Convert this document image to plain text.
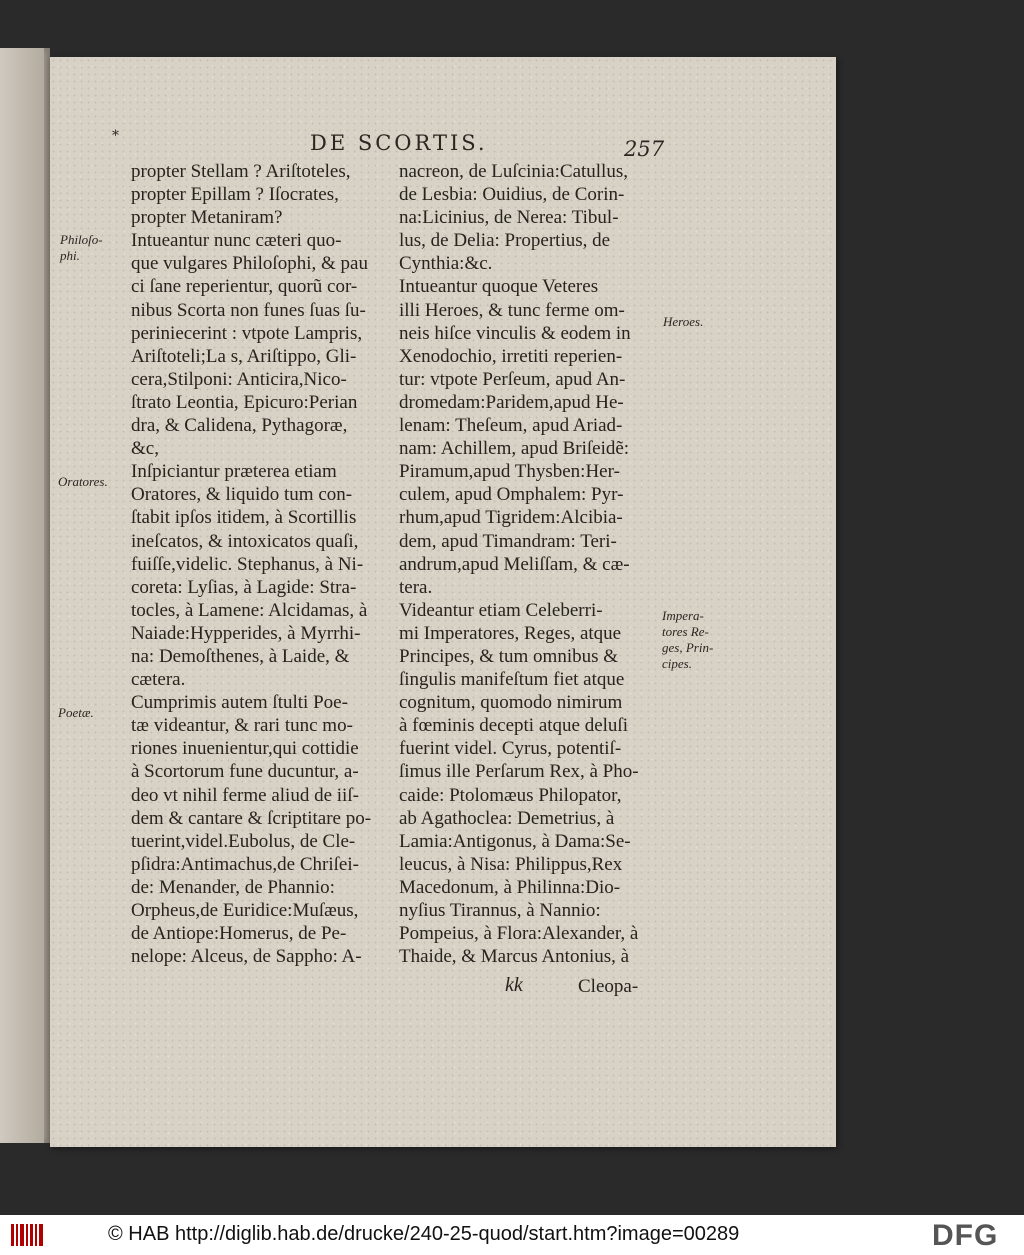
*	DE SCORTIS.	257
Philoſo-
phi.
Oratores.
Poetæ.
Heroes.
Impera-
tores Re-
ges, Prin-
cipes.
propter Stellam ? Ariſtoteles,
propter Epillam ? Iſocrates,
propter Metaniram?
Intueantur nunc cæteri quo-
que vulgares Philoſophi, & pau
ci ſane reperientur, quorũ cor-
nibus Scorta non funes ſuas ſu-
periniecerint : vtpote Lampris,
Ariſtoteli;La s, Ariſtippo, Gli-
cera,Stilponi: Anticira,Nico-
ſtrato Leontia, Epicuro:Perian
dra, & Calidena, Pythagoræ,
&c,
Inſpiciantur præterea etiam
Oratores, & liquido tum con-
ſtabit ipſos itidem, à Scortillis
ineſcatos, & intoxicatos quaſi,
fuiſſe,videlic. Stephanus, à Ni-
coreta: Lyſias, à Lagide: Stra-
tocles, à Lamene: Alcidamas, à
Naiade:Hypperides, à Myrrhi-
na: Demoſthenes, à Laide, &
cætera.
Cumprimis autem ſtulti Poe-
tæ videantur, & rari tunc mo-
riones inuenientur,qui cottidie
à Scortorum fune ducuntur, a-
deo vt nihil ferme aliud de iiſ-
dem & cantare & ſcriptitare po-
tuerint,videl.Eubolus, de Cle-
pſidra:Antimachus,de Chriſei-
de: Menander, de Phannio:
Orpheus,de Euridice:Muſæus,
de Antiope:Homerus, de Pe-
nelope: Alceus, de Sappho: A-
nacreon, de Luſcinia:Catullus,
de Lesbia: Ouidius, de Corin-
na:Licinius, de Nerea: Tibul-
lus, de Delia: Propertius, de
Cynthia:&c.
Intueantur quoque Veteres
illi Heroes, & tunc ferme om-
neis hiſce vinculis & eodem in
Xenodochio, irretiti reperien-
tur: vtpote Perſeum, apud An-
dromedam:Paridem,apud He-
lenam: Theſeum, apud Ariad-
nam: Achillem, apud Briſeidẽ:
Piramum,apud Thysben:Her-
culem, apud Omphalem: Pyr-
rhum,apud Tigridem:Alcibia-
dem, apud Timandram: Teri-
andrum,apud Meliſſam, & cæ-
tera.
Videantur etiam Celeberri-
mi Imperatores, Reges, atque
Principes, & tum omnibus &
ſingulis manifeſtum fiet atque
cognitum, quomodo nimirum
à fœminis decepti atque deluſi
fuerint videl. Cyrus, potentiſ-
ſimus ille Perſarum Rex, à Pho-
caide: Ptolomæus Philopator,
ab Agathoclea: Demetrius, à
Lamia:Antigonus, à Dama:Se-
leucus, à Nisa: Philippus,Rex
Macedonum, à Philinna:Dio-
nyſius Tirannus, à Nannio:
Pompeius, à Flora:Alexander, à
Thaide, & Marcus Antonius, à
kk	Cleopa-
© HAB http://diglib.hab.de/drucke/240-25-quod/start.htm?image=00289	DFG
